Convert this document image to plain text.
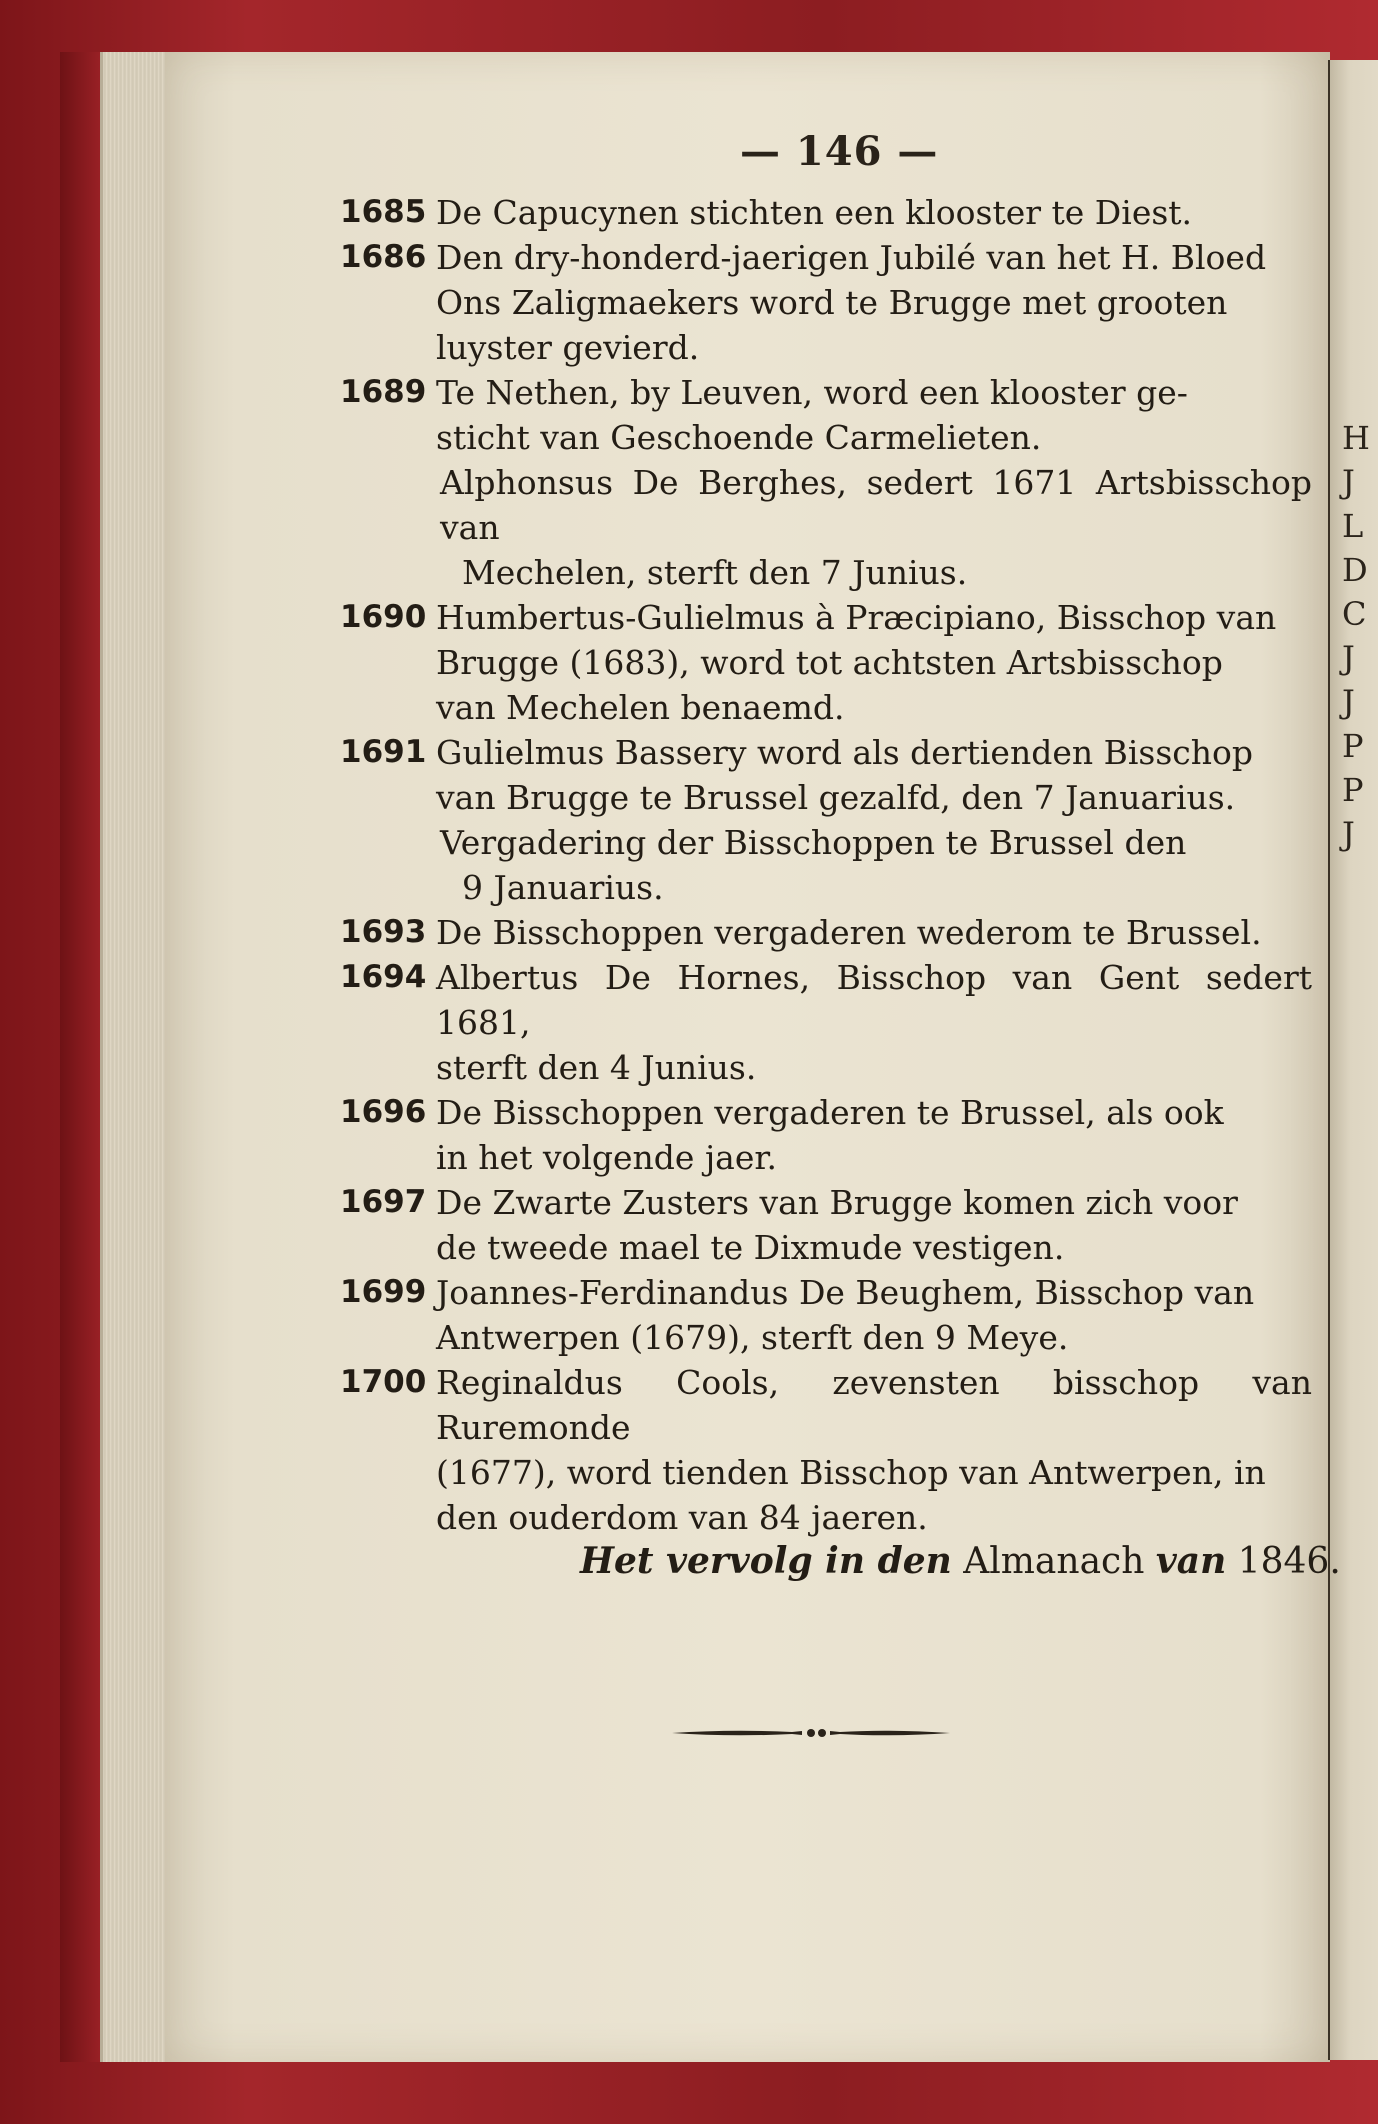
H
J
L
D
C
J
J
P
P
J
— 146 —
1685 De Capucynen stichten een klooster te Diest.
1686 Den dry-honderd-jaerigen Jubilé van het H. Bloed
Ons Zaligmaekers word te Brugge met grooten
luyster gevierd.
1689 Te Nethen, by Leuven, word een klooster ge-
sticht van Geschoende Carmelieten.
Alphonsus De Berghes, sedert 1671 Artsbisschop van
Mechelen, sterft den 7 Junius.
1690 Humbertus-Gulielmus à Præcipiano, Bisschop van
Brugge (1683), word tot achtsten Artsbisschop
van Mechelen benaemd.
1691 Gulielmus Bassery word als dertienden Bisschop
van Brugge te Brussel gezalfd, den 7 Januarius.
Vergadering der Bisschoppen te Brussel den
9 Januarius.
1693 De Bisschoppen vergaderen wederom te Brussel.
1694 Albertus De Hornes, Bisschop van Gent sedert 1681,
sterft den 4 Junius.
1696 De Bisschoppen vergaderen te Brussel, als ook
in het volgende jaer.
1697 De Zwarte Zusters van Brugge komen zich voor
de tweede mael te Dixmude vestigen.
1699 Joannes-Ferdinandus De Beughem, Bisschop van
Antwerpen (1679), sterft den 9 Meye.
1700 Reginaldus Cools, zevensten bisschop van Ruremonde
(1677), word tienden Bisschop van Antwerpen, in
den ouderdom van 84 jaeren.
Het vervolg in den Almanach van 1846.
